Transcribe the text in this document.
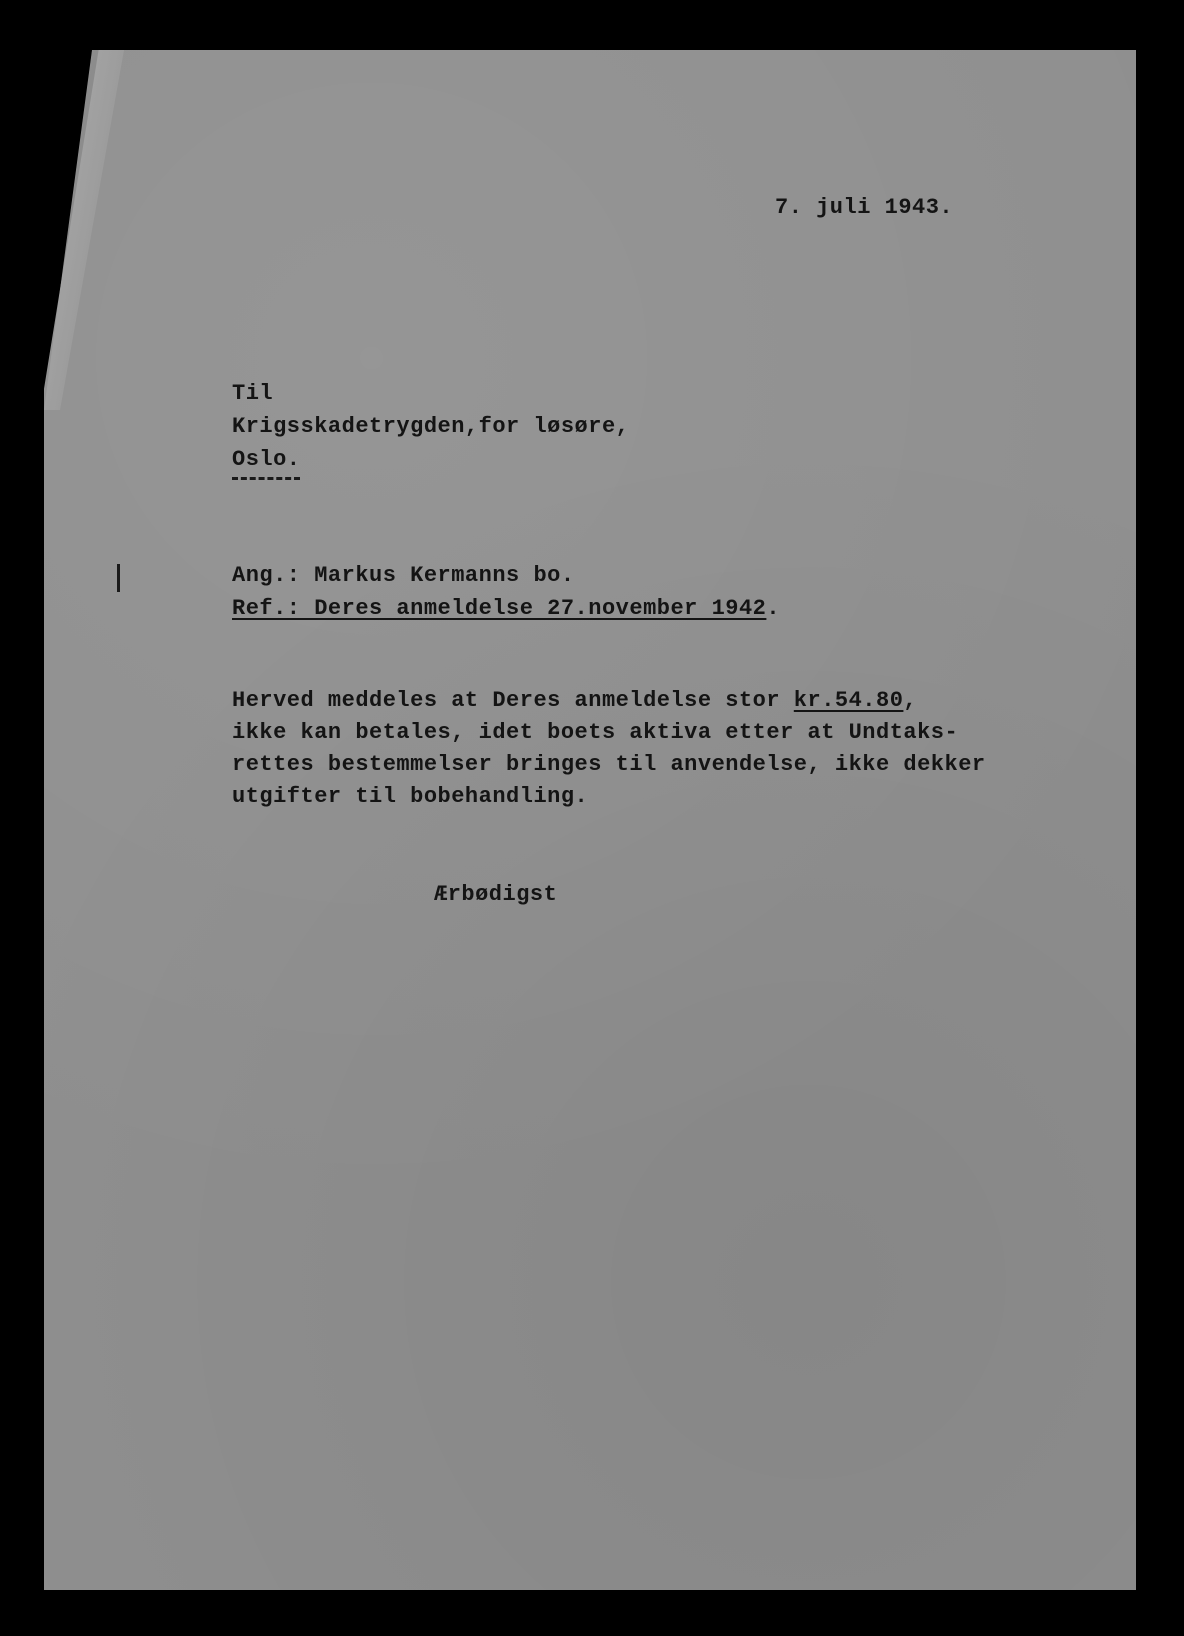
7. juli 1943.
Til
Krigsskadetrygden,for løsøre,
Oslo.
Ang.: Markus Kermanns bo.
Ref.: Deres anmeldelse 27.november 1942.
Herved meddeles at Deres anmeldelse stor kr.54.80,
ikke kan betales, idet boets aktiva etter at Undtaks-
rettes bestemmelser bringes til anvendelse, ikke dekker
utgifter til bobehandling.
Ærbødigst
